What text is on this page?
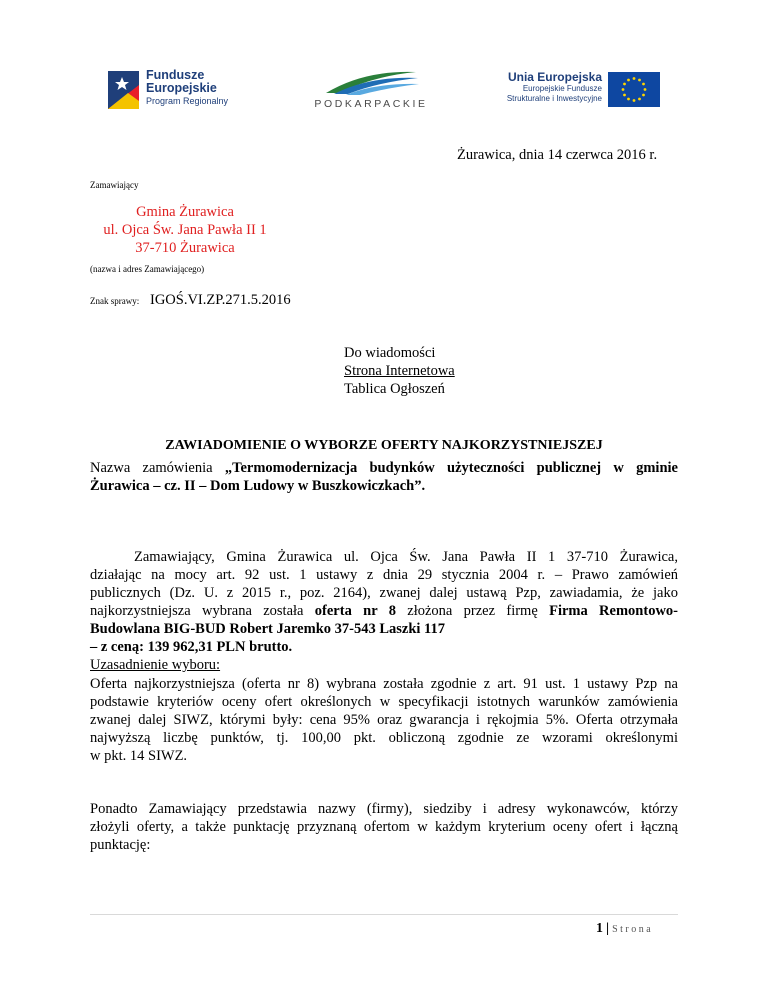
Fundusze
Europejskie
Program Regionalny	PODKARPACKIE
Unia Europejska
Europejskie Fundusze
Strukturalne i Inwestycyjne
Żurawica, dnia 14 czerwca 2016 r.
Zamawiający
Gmina Żurawica
ul. Ojca Św. Jana Pawła II 1
37-710 Żurawica
(nazwa i adres Zamawiającego)
Znak sprawy: IGOŚ.VI.ZP.271.5.2016
Do wiadomości
Strona Internetowa
Tablica Ogłoszeń
ZAWIADOMIENIE O WYBORZE OFERTY NAJKORZYSTNIEJSZEJ
Nazwa zamówienia „Termomodernizacja budynków użyteczności publicznej w gminie Żurawica – cz. II – Dom Ludowy w Buszkowiczkach”.
Zamawiający, Gmina Żurawica ul. Ojca Św. Jana Pawła II 1 37-710 Żurawica,
działając na mocy art. 92 ust. 1 ustawy z dnia 29 stycznia 2004 r. – Prawo zamówień
publicznych (Dz. U. z 2015 r., poz. 2164), zwanej dalej ustawą Pzp, zawiadamia, że jako
najkorzystniejsza wybrana została oferta nr 8 złożona przez firmę Firma Remontowo-
Budowlana BIG-BUD Robert Jaremko 37-543 Laszki 117
– z ceną: 139 962,31 PLN brutto.
Uzasadnienie wyboru:
Oferta najkorzystniejsza (oferta nr 8) wybrana została zgodnie z art. 91 ust. 1 ustawy Pzp na
podstawie kryteriów oceny ofert określonych w specyfikacji istotnych warunków zamówienia
zwanej dalej SIWZ, którymi były: cena 95% oraz gwarancja i rękojmia 5%. Oferta otrzymała
najwyższą liczbę punktów, tj. 100,00 pkt. obliczoną zgodnie ze wzorami określonymi
w pkt. 14 SIWZ.
Ponadto Zamawiający przedstawia nazwy (firmy), siedziby i adresy wykonawców, którzy
złożyli oferty, a także punktację przyznaną ofertom w każdym kryterium oceny ofert i łączną
punktację:
1 | Strona
